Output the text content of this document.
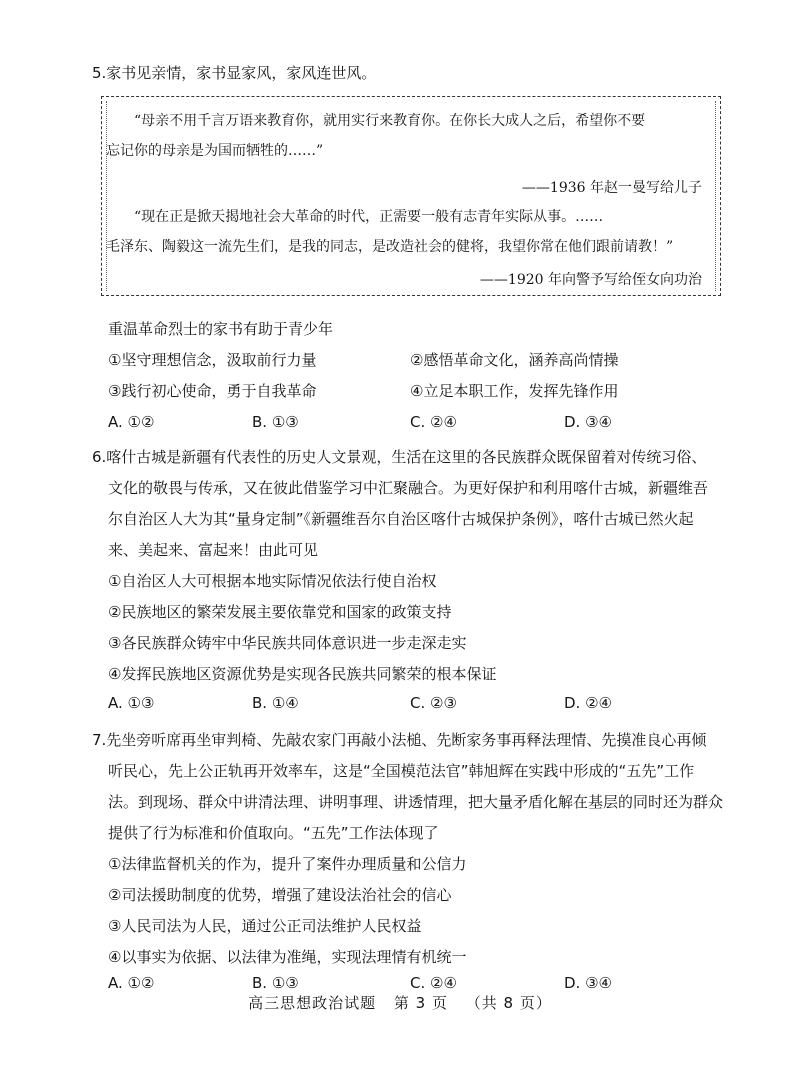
5.家书见亲情，家书显家风，家风连世风。
“母亲不用千言万语来教育你，就用实行来教育你。在你长大成人之后，希望你不要
忘记你的母亲是为国而牺牲的……”
——1936 年赵一曼写给儿子
“现在正是掀天揭地社会大革命的时代，正需要一般有志青年实际从事。……
毛泽东、陶毅这一流先生们，是我的同志，是改造社会的健将，我望你常在他们跟前请教！”
——1920 年向警予写给侄女向功治
重温革命烈士的家书有助于青少年
①坚守理想信念，汲取前行力量	②感悟革命文化，涵养高尚情操
③践行初心使命，勇于自我革命	④立足本职工作，发挥先锋作用
A. ①②	B. ①③	C. ②④	D. ③④
6.喀什古城是新疆有代表性的历史人文景观，生活在这里的各民族群众既保留着对传统习俗、
文化的敬畏与传承，又在彼此借鉴学习中汇聚融合。为更好保护和利用喀什古城，新疆维吾
尔自治区人大为其“量身定制”《新疆维吾尔自治区喀什古城保护条例》，喀什古城已然火起
来、美起来、富起来！由此可见
①自治区人大可根据本地实际情况依法行使自治权
②民族地区的繁荣发展主要依靠党和国家的政策支持
③各民族群众铸牢中华民族共同体意识进一步走深走实
④发挥民族地区资源优势是实现各民族共同繁荣的根本保证
A. ①③	B. ①④	C. ②③	D. ②④
7.先坐旁听席再坐审判椅、先敲农家门再敲小法槌、先断家务事再释法理情、先摸准良心再倾
听民心，先上公正轨再开效率车，这是“全国模范法官”韩旭辉在实践中形成的“五先”工作
法。到现场、群众中讲清法理、讲明事理、讲透情理，把大量矛盾化解在基层的同时还为群众
提供了行为标准和价值取向。“五先”工作法体现了
①法律监督机关的作为，提升了案件办理质量和公信力
②司法援助制度的优势，增强了建设法治社会的信心
③人民司法为人民，通过公正司法维护人民权益
④以事实为依据、以法律为准绳，实现法理情有机统一
A. ①②	B. ①③	C. ②④	D. ③④
高三思想政治试题 第 3 页 （共 8 页）
